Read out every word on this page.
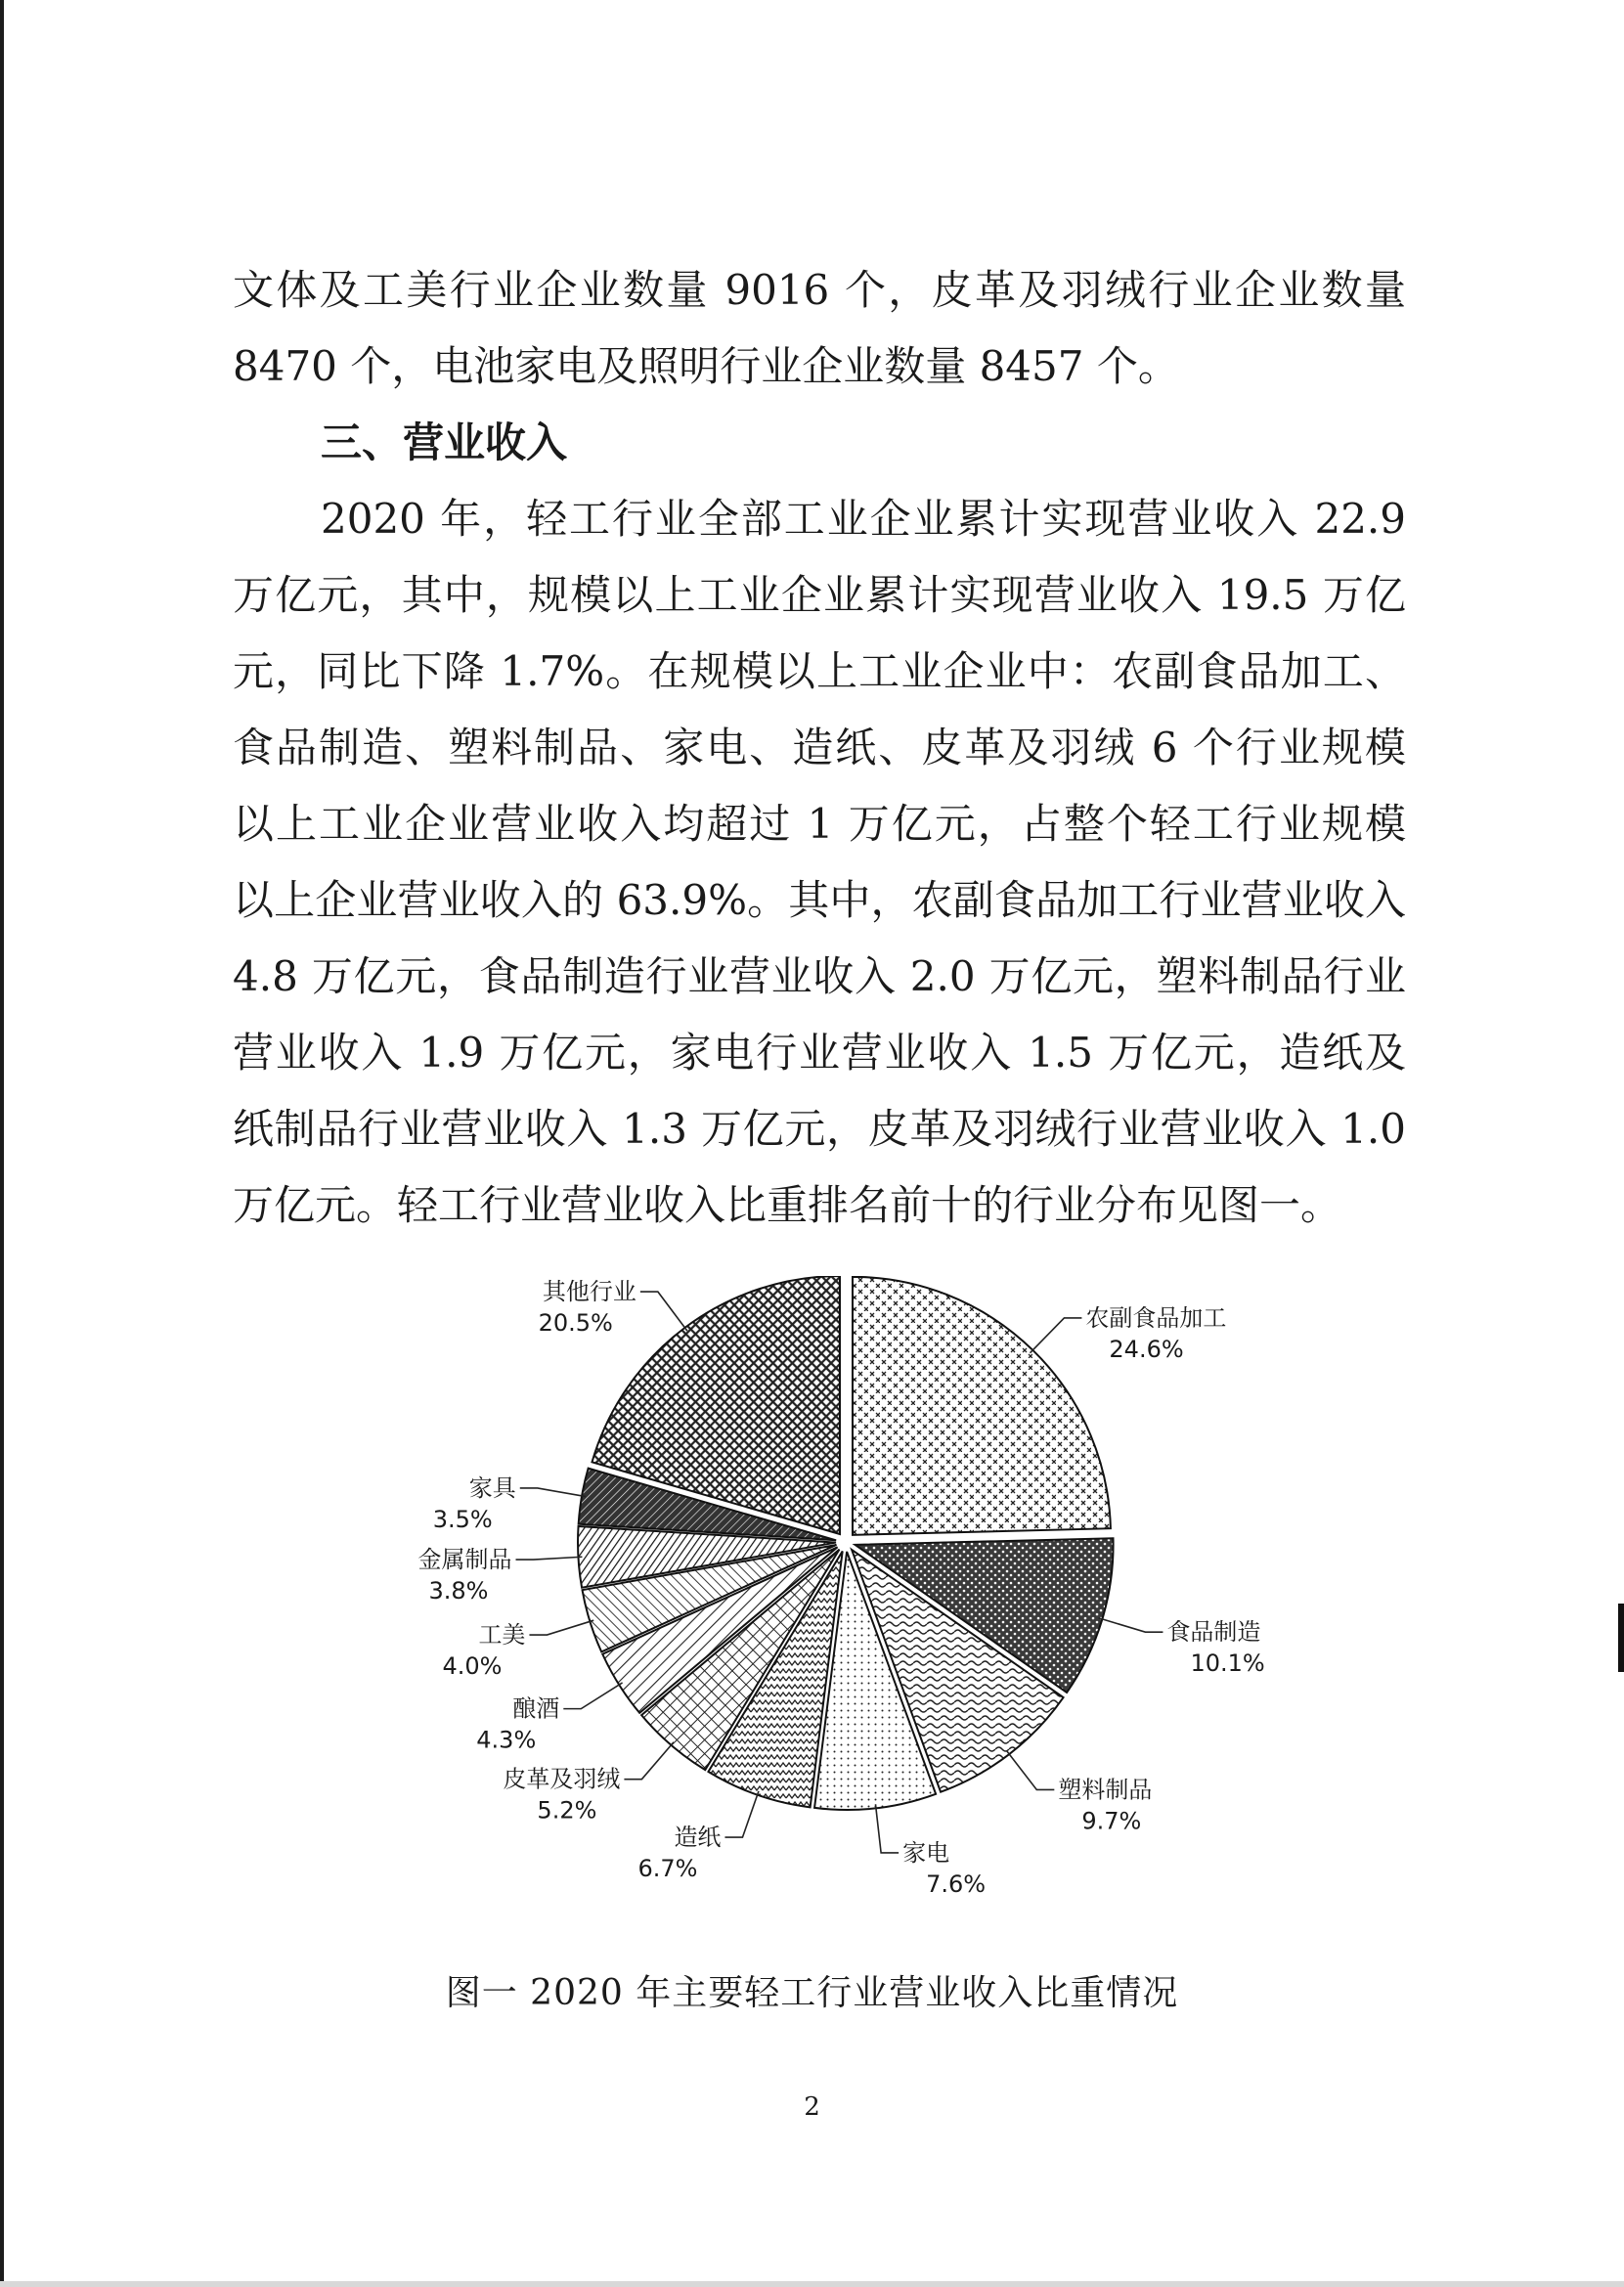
文体及工美行业企业数量 9016 个，皮革及羽绒行业企业数量

8470 个，电池家电及照明行业企业数量 8457 个。

三、营业收入

2020 年，轻工行业全部工业企业累计实现营业收入 22.9

万亿元，其中，规模以上工业企业累计实现营业收入 19.5 万亿

元，同比下降 1.7%。在规模以上工业企业中：农副食品加工、

食品制造、塑料制品、家电、造纸、皮革及羽绒 6 个行业规模

以上工业企业营业收入均超过 1 万亿元，占整个轻工行业规模

以上企业营业收入的 63.9%。其中，农副食品加工行业营业收入

4.8 万亿元，食品制造行业营业收入 2.0 万亿元，塑料制品行业

营业收入 1.9 万亿元，家电行业营业收入 1.5 万亿元，造纸及

纸制品行业营业收入 1.3 万亿元，皮革及羽绒行业营业收入 1.0

万亿元。轻工行业营业收入比重排名前十的行业分布见图一。

农副食品加工
24.6%
食品制造
10.1%
塑料制品
9.7%
家电
7.6%
造纸
6.7%
皮革及羽绒
5.2%
酿酒
4.3%
工美
4.0%
金属制品
3.8%
家具
3.5%
其他行业
20.5%
图一 2020 年主要轻工行业营业收入比重情况
2
